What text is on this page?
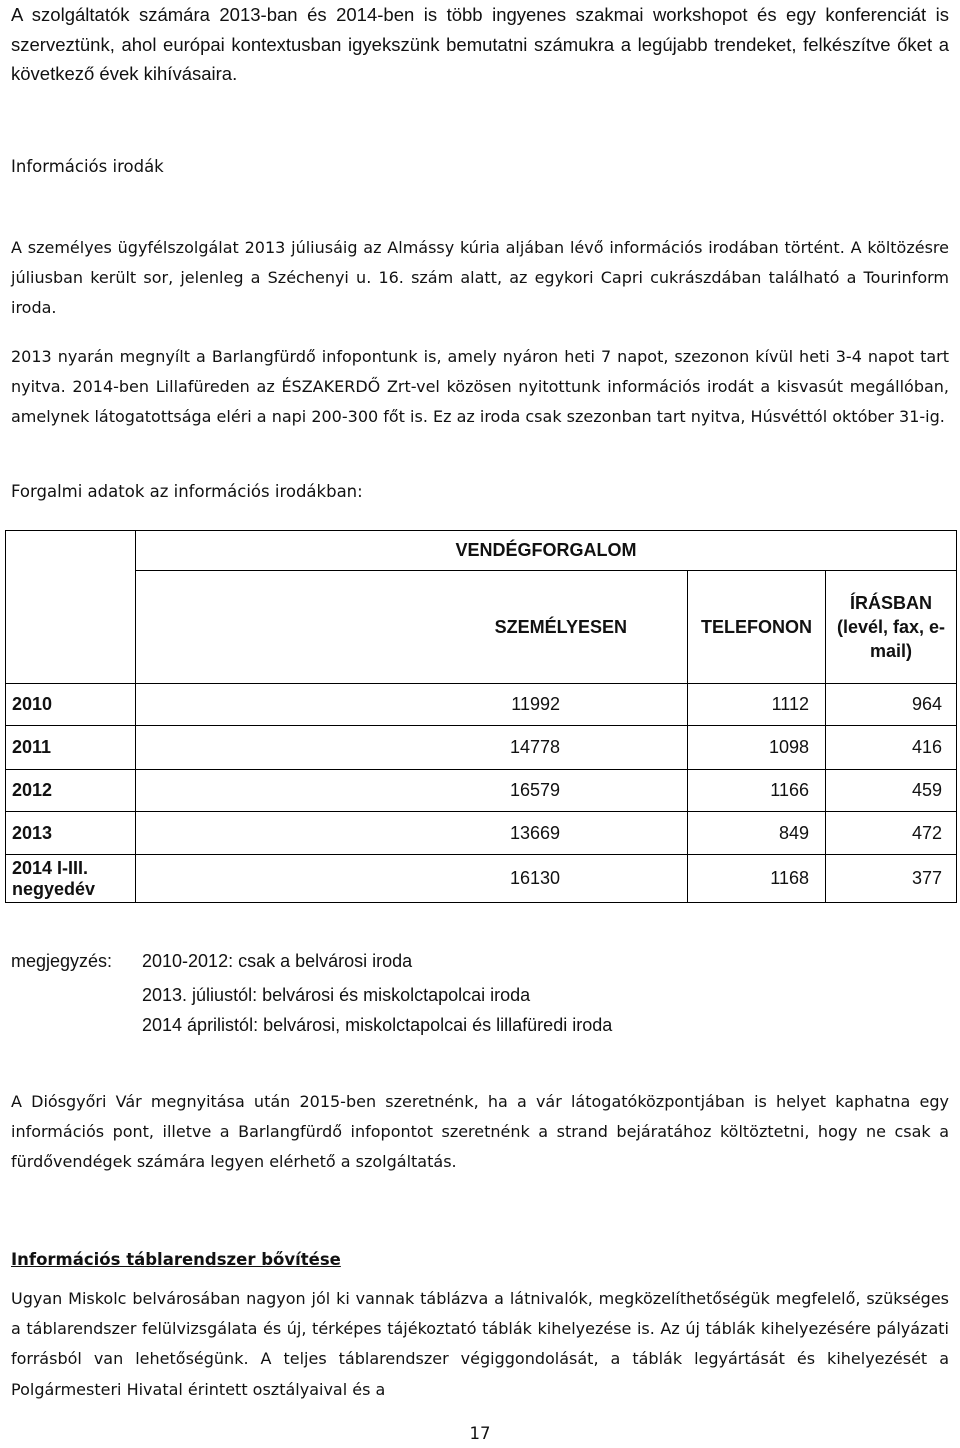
A szolgáltatók számára 2013-ban és 2014-ben is több ingyenes szakmai workshopot és egy konferenciát is szerveztünk, ahol európai kontextusban igyekszünk bemutatni számukra a legújabb trendeket, felkészítve őket a következő évek kihívásaira.

Információs irodák

A személyes ügyfélszolgálat 2013 júliusáig az Almássy kúria aljában lévő információs irodában történt. A költözésre júliusban került sor, jelenleg a Széchenyi u. 16. szám alatt, az egykori Capri cukrászdában található a Tourinform iroda.

2013 nyarán megnyílt a Barlangfürdő infopontunk is, amely nyáron heti 7 napot, szezonon kívül heti 3-4 napot tart nyitva. 2014-ben Lillafüreden az ÉSZAKERDŐ Zrt-vel közösen nyitottunk információs irodát a kisvasút megállóban, amelynek látogatottsága eléri a napi 200-300 főt is. Ez az iroda csak szezonban tart nyitva, Húsvéttól október 31-ig.

Forgalmi adatok az információs irodákban:
	VENDÉGFORGALOM		
	SZEMÉLYESEN	TELEFONON	ÍRÁSBAN (levél, fax, e-mail)
2010	11992	1112	964
2011	14778	1098	416
2012	16579	1166	459
2013	13669	849	472
2014 I-III. negyedév	16130	1168	377
megjegyzés: 2010-2012: csak a belvárosi iroda
2013. júliustól: belvárosi és miskolctapolcai iroda
2014 áprilistól: belvárosi, miskolctapolcai és lillafüredi iroda

A Diósgyőri Vár megnyitása után 2015-ben szeretnénk, ha a vár látogatóközpontjában is helyet kaphatna egy információs pont, illetve a Barlangfürdő infopontot szeretnénk a strand bejáratához költöztetni, hogy ne csak a fürdővendégek számára legyen elérhető a szolgáltatás.

Információs táblarendszer bővítése

Ugyan Miskolc belvárosában nagyon jól ki vannak táblázva a látnivalók, megközelíthetőségük megfelelő, szükséges a táblarendszer felülvizsgálata és új, térképes tájékoztató táblák kihelyezése is. Az új táblák kihelyezésére pályázati forrásból van lehetőségünk. A teljes táblarendszer végiggondolását, a táblák legyártását és kihelyezését a Polgármesteri Hivatal érintett osztályaival és a

17
